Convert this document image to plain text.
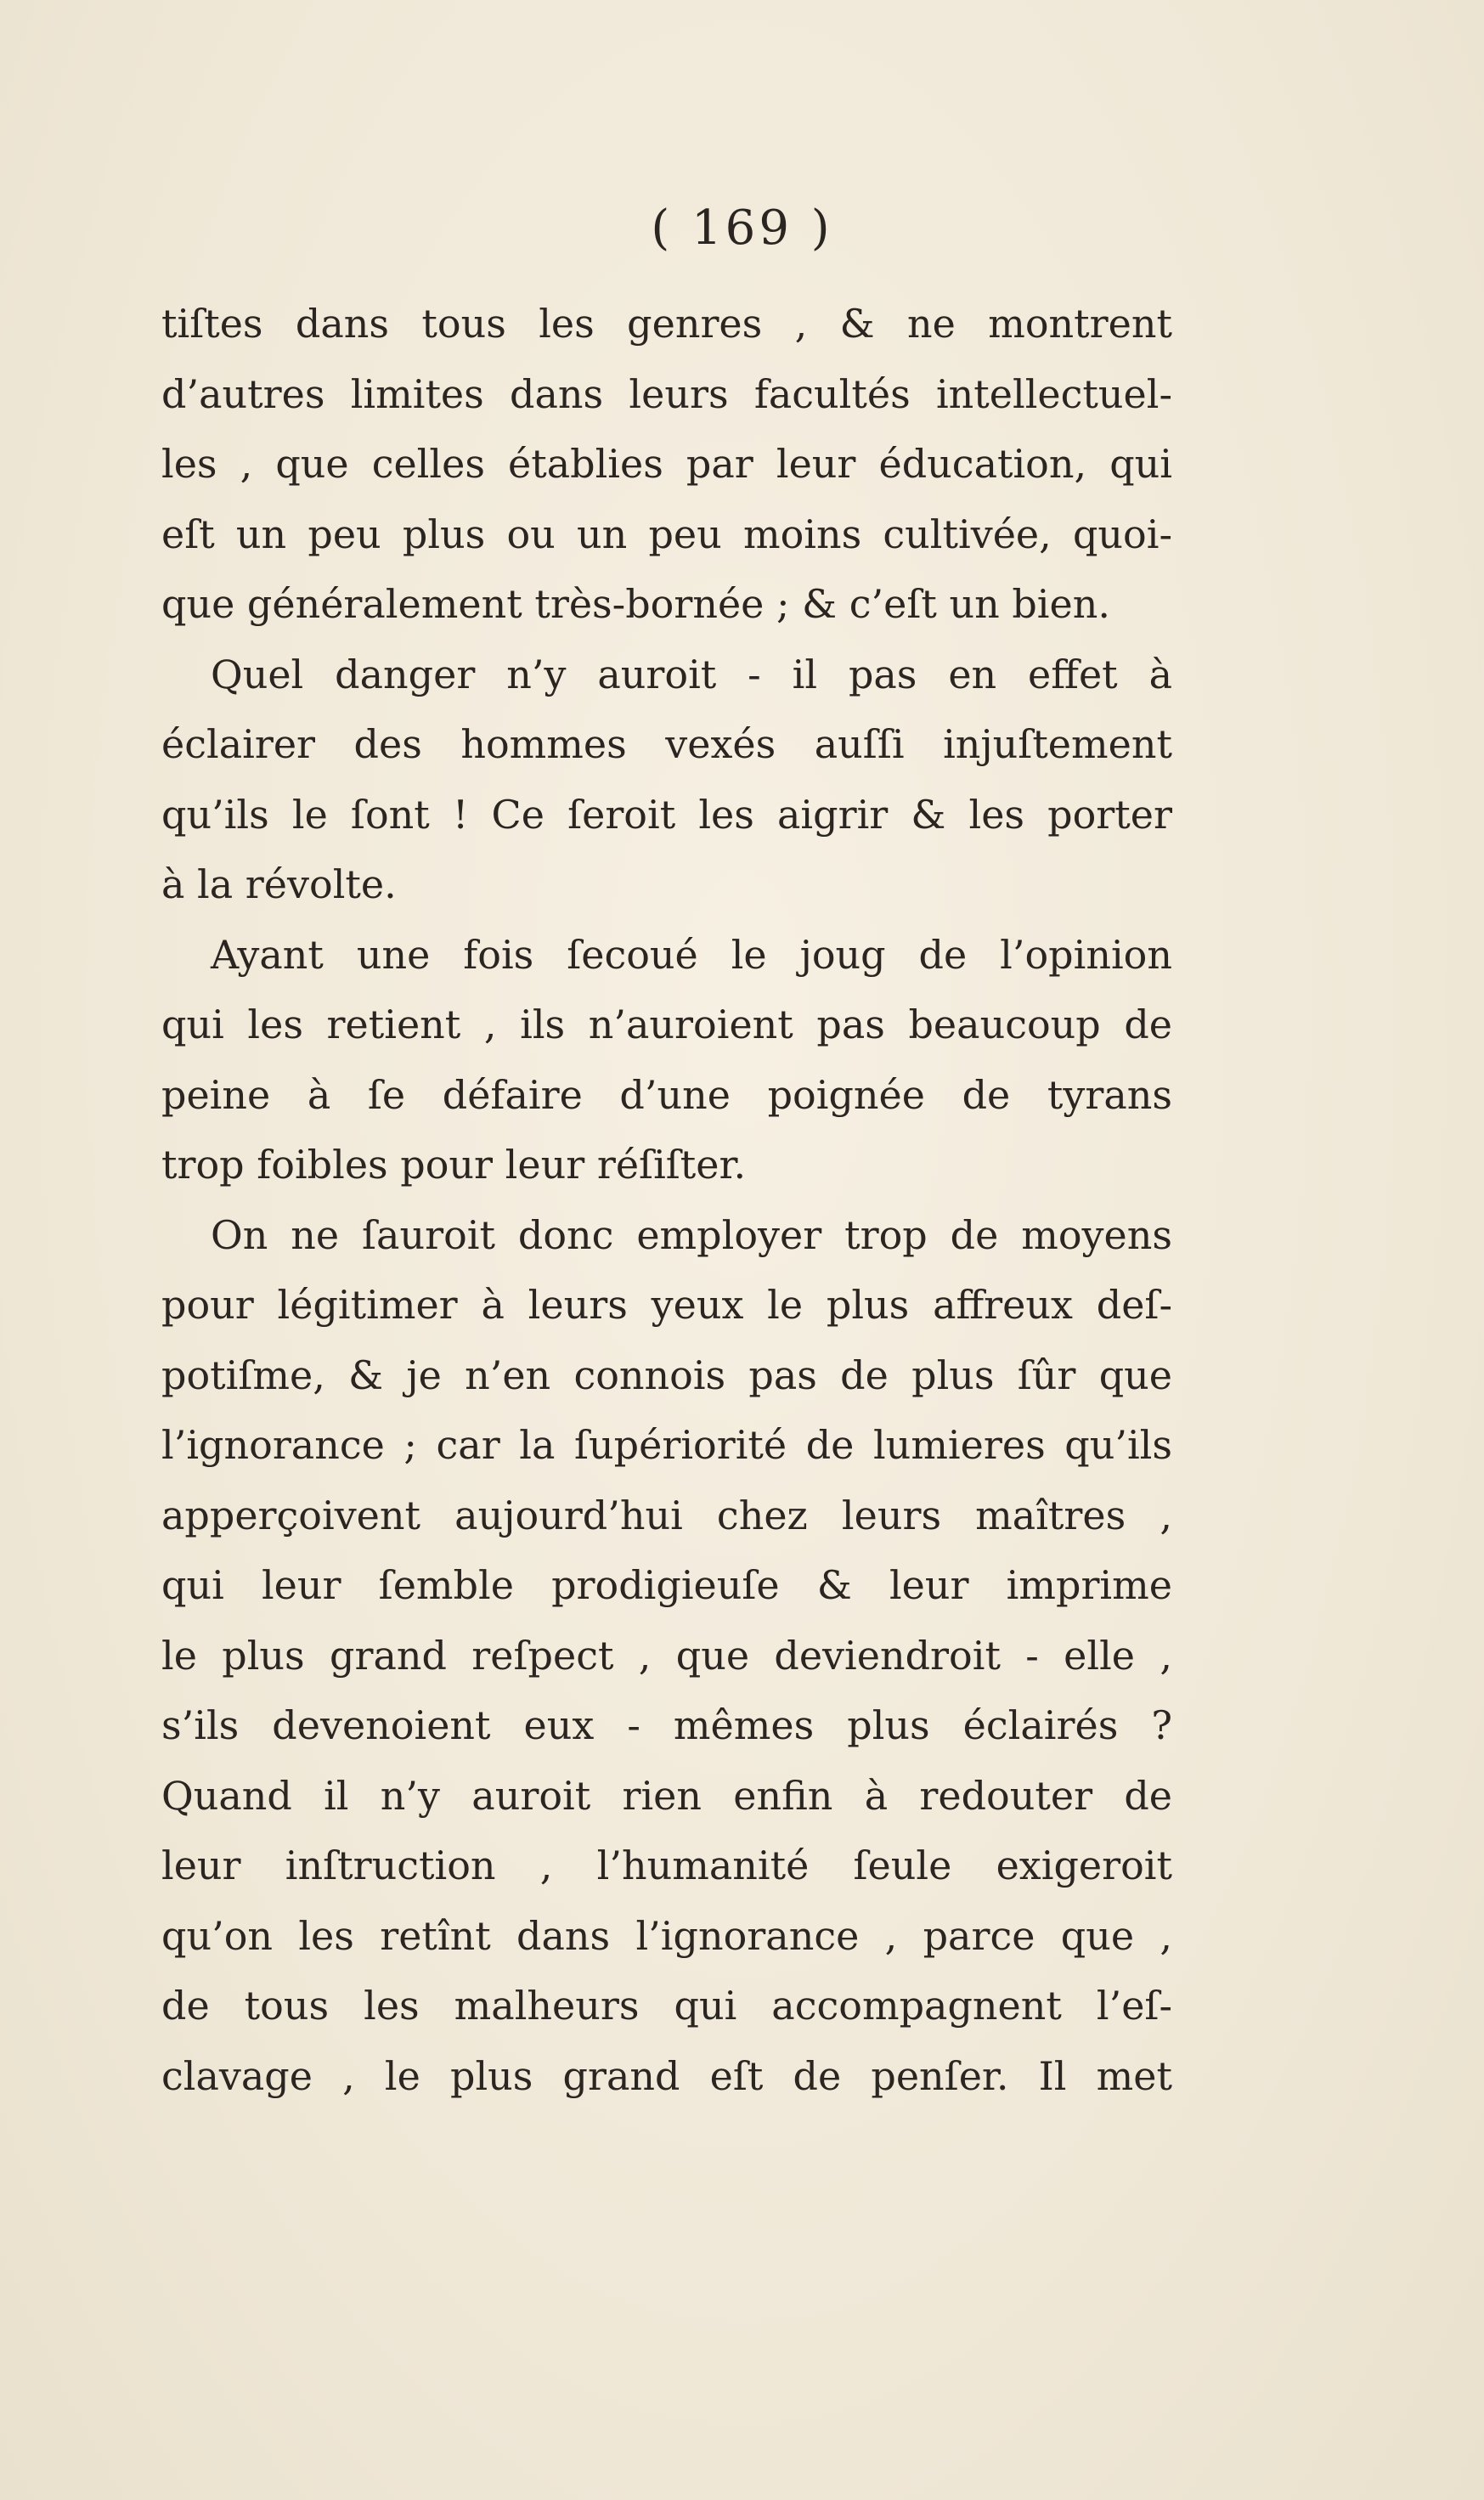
( 169 )
tiſtes dans tous les genres , & ne montrent
d’autres limites dans leurs facultés intellectuel-
les , que celles établies par leur éducation, qui
eſt un peu plus ou un peu moins cultivée, quoi-
que généralement très-bornée ; & c’eſt un bien.
Quel danger n’y auroit - il pas en effet à
éclairer des hommes vexés auſſi injuſtement
qu’ils le ſont ! Ce ſeroit les aigrir & les porter
à la révolte.
Ayant une fois ſecoué le joug de l’opinion
qui les retient , ils n’auroient pas beaucoup de
peine à ſe défaire d’une poignée de tyrans
trop foibles pour leur réſiſter.
On ne ſauroit donc employer trop de moyens
pour légitimer à leurs yeux le plus affreux deſ-
potiſme, & je n’en connois pas de plus ſûr que
l’ignorance ; car la ſupériorité de lumieres qu’ils
apperçoivent aujourd’hui chez leurs maîtres ,
qui leur ſemble prodigieuſe & leur imprime
le plus grand reſpect , que deviendroit - elle ,
s’ils devenoient eux - mêmes plus éclairés ?
Quand il n’y auroit rien enfin à redouter de
leur inſtruction , l’humanité ſeule exigeroit
qu’on les retînt dans l’ignorance , parce que ,
de tous les malheurs qui accompagnent l’eſ-
clavage , le plus grand eſt de penſer. Il met
